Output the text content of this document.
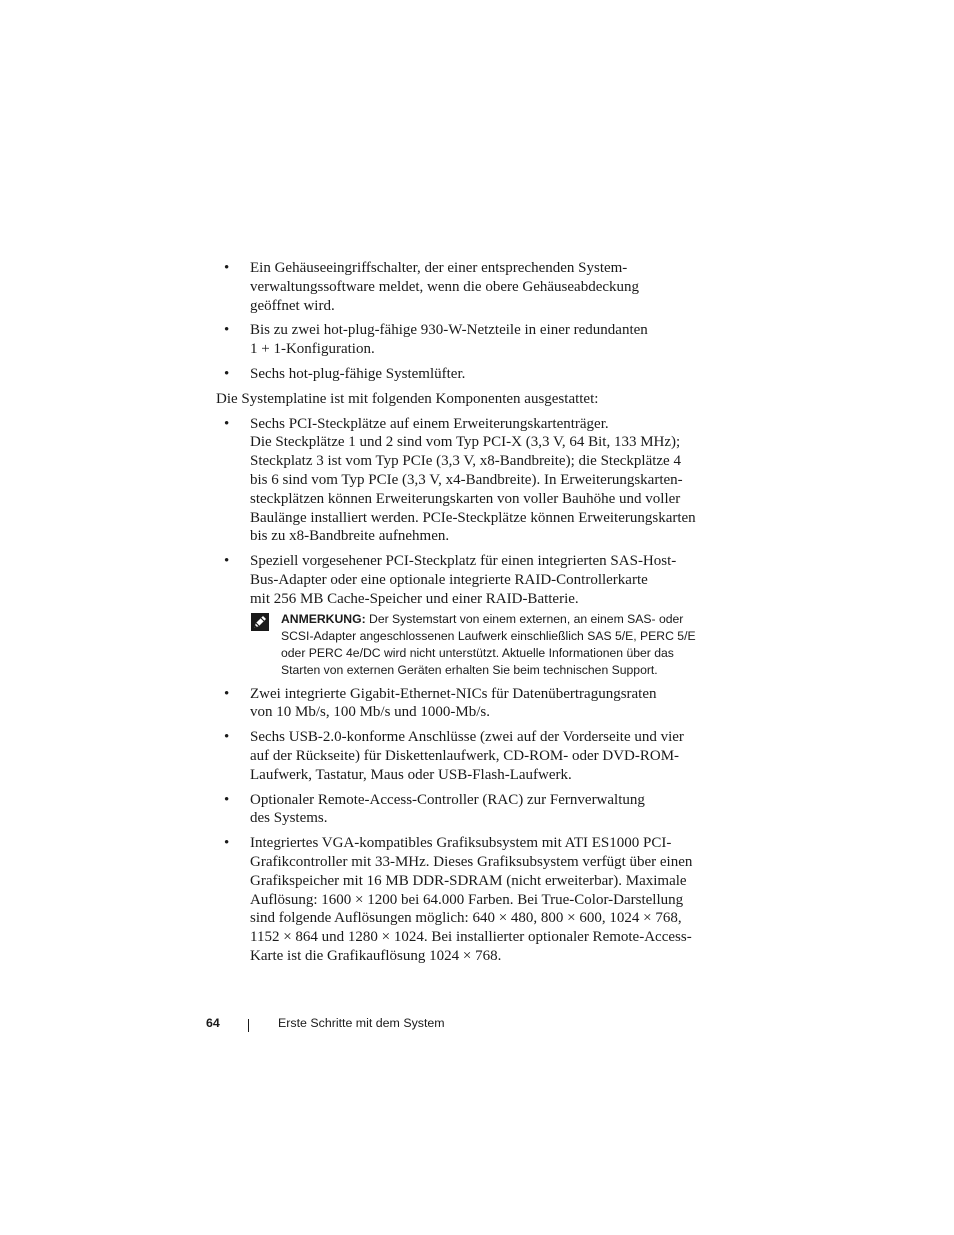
• Ein Gehäuseeingriffschalter, der einer entsprechenden System-
verwaltungssoftware meldet, wenn die obere Gehäuseabdeckung
geöffnet wird.
• Bis zu zwei hot-plug-fähige 930-W-Netzteile in einer redundanten
1 + 1-Konfiguration.
• Sechs hot-plug-fähige Systemlüfter.
Die Systemplatine ist mit folgenden Komponenten ausgestattet:
• Sechs PCI-Steckplätze auf einem Erweiterungskartenträger.
Die Steckplätze 1 und 2 sind vom Typ PCI-X (3,3 V, 64 Bit, 133 MHz);
Steckplatz 3 ist vom Typ PCIe (3,3 V, x8-Bandbreite); die Steckplätze 4
bis 6 sind vom Typ PCIe (3,3 V, x4-Bandbreite). In Erweiterungskarten-
steckplätzen können Erweiterungskarten von voller Bauhöhe und voller
Baulänge installiert werden. PCIe-Steckplätze können Erweiterungskarten
bis zu x8-Bandbreite aufnehmen.
• Speziell vorgesehener PCI-Steckplatz für einen integrierten SAS-Host-
Bus-Adapter oder eine optionale integrierte RAID-Controllerkarte
mit 256 MB Cache-Speicher und einer RAID-Batterie.
ANMERKUNG: Der Systemstart von einem externen, an einem SAS- oder
SCSI-Adapter angeschlossenen Laufwerk einschließlich SAS 5/E, PERC 5/E
oder PERC 4e/DC wird nicht unterstützt. Aktuelle Informationen über das
Starten von externen Geräten erhalten Sie beim technischen Support.
• Zwei integrierte Gigabit-Ethernet-NICs für Datenübertragungsraten
von 10 Mb/s, 100 Mb/s und 1000-Mb/s.
• Sechs USB-2.0-konforme Anschlüsse (zwei auf der Vorderseite und vier
auf der Rückseite) für Diskettenlaufwerk, CD-ROM- oder DVD-ROM-
Laufwerk, Tastatur, Maus oder USB-Flash-Laufwerk.
• Optionaler Remote-Access-Controller (RAC) zur Fernverwaltung
des Systems.
• Integriertes VGA-kompatibles Grafiksubsystem mit ATI ES1000 PCI-
Grafikcontroller mit 33-MHz. Dieses Grafiksubsystem verfügt über einen
Grafikspeicher mit 16 MB DDR-SDRAM (nicht erweiterbar). Maximale
Auflösung: 1600 × 1200 bei 64.000 Farben. Bei True-Color-Darstellung
sind folgende Auflösungen möglich: 640 × 480, 800 × 600, 1024 × 768,
1152 × 864 und 1280 × 1024. Bei installierter optionaler Remote-Access-
Karte ist die Grafikauflösung 1024 × 768.
64	Erste Schritte mit dem System
